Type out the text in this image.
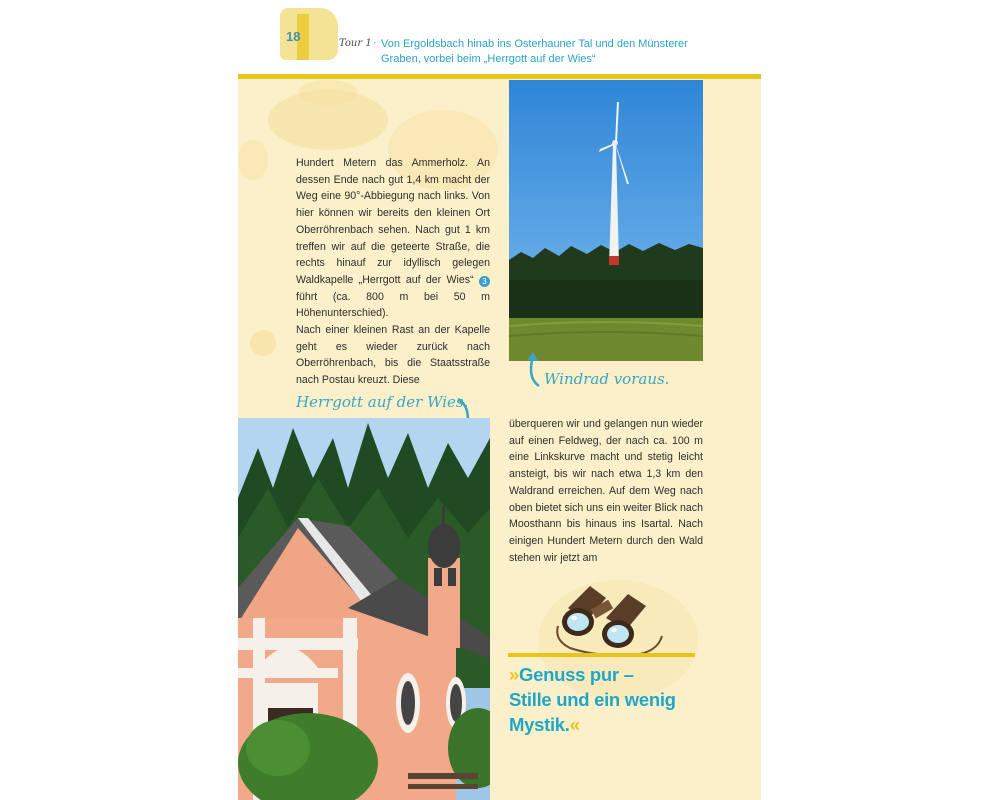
18	Tour 1 · Von Ergoldsbach hinab ins Osterhauner Tal und den Münsterer
Graben, vorbei beim „Herrgott auf der Wies“

Hundert Metern das Ammerholz. An dessen Ende nach gut 1,4 km macht der Weg eine 90°-Abbiegung nach links. Von hier können wir bereits den kleinen Ort Oberröhrenbach sehen. Nach gut 1 km treffen wir auf die geteerte Straße, die rechts hinauf zur idyllisch gelegen Waldkapelle „Herrgott auf der Wies“ 3 führt (ca. 800 m bei 50 m Höhenunterschied).

Nach einer kleinen Rast an der Kapelle geht es wieder zurück nach Oberröhrenbach, bis die Staatsstraße nach Postau kreuzt. Diese	Windrad voraus.
Herrgott auf der Wies.
überqueren wir und gelangen nun wieder auf einen Feldweg, der nach ca. 100 m eine Linkskurve macht und stetig leicht ansteigt, bis wir nach etwa 1,3 km den Waldrand erreichen. Auf dem Weg nach oben bietet sich uns ein weiter Blick nach Moosthann bis hinaus ins Isartal. Nach einigen Hundert Metern durch den Wald stehen wir jetzt am
»Genuss pur –
Stille und ein wenig Mystik.«
